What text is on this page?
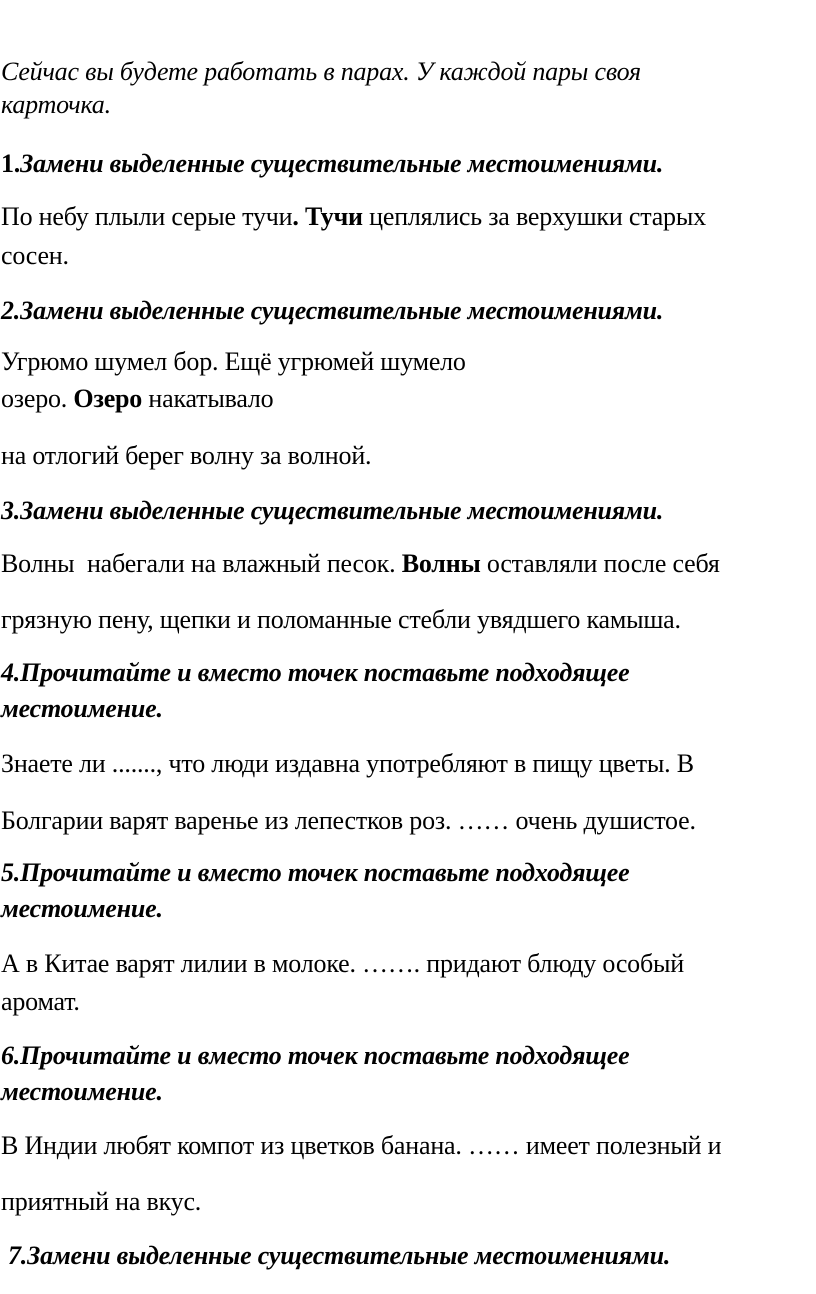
Сейчас вы будете работать в парах. У каждой пары своя
карточка.
1.Замени выделенные существительные местоимениями.
По небу плыли серые тучи. Тучи цеплялись за верхушки старых
сосен.
2.Замени выделенные существительные местоимениями.
Угрюмо шумел бор. Ещё угрюмей шумело
озеро. Озеро накатывало
на отлогий берег волну за волной.
3.Замени выделенные существительные местоимениями.
Волны  набегали на влажный песок. Волны оставляли после себя
грязную пену, щепки и поломанные стебли увядшего камыша.
4.Прочитайте и вместо точек поставьте подходящее
местоимение.
Знаете ли ......., что люди издавна употребляют в пищу цветы. В
Болгарии варят варенье из лепестков роз. …… очень душистое.
5.Прочитайте и вместо точек поставьте подходящее
местоимение.
А в Китае варят лилии в молоке. ……. придают блюду особый
аромат.
6.Прочитайте и вместо точек поставьте подходящее
местоимение.
В Индии любят компот из цветков банана. …… имеет полезный и
приятный на вкус.
7.Замени выделенные существительные местоимениями.
